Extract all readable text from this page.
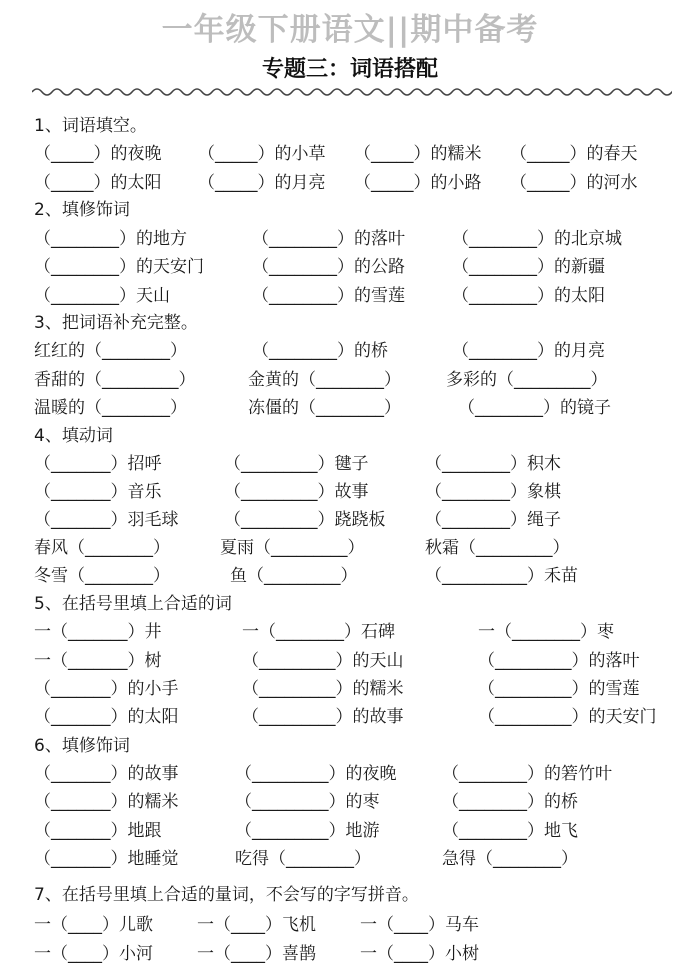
一年级下册语文||期中备考
专题三：词语搭配
1、词语填空。
（_____）的夜晚 （_____）的小草 （_____）的糯米 （_____）的春天
（_____）的太阳 （_____）的月亮 （_____）的小路 （_____）的河水
2、填修饰词
（________）的地方	（________）的落叶	（________）的北京城
（________）的天安门	（________）的公路	（________）的新疆
（________）天山	（________）的雪莲	（________）的太阳
3、把词语补充完整。
红红的（________）	（________）的桥	（________）的月亮
香甜的（_________）	金黄的（________）	多彩的（_________）
温暖的（________）	冻僵的（________）	（________）的镜子
4、填动词
（_______）招呼	（_________）毽子	（________）积木
（_______）音乐	（_________）故事	（________）象棋
（_______）羽毛球	（_________）跷跷板 （________）绳子
春风（________）	夏雨（_________）	秋霜（_________）
冬雪（________）	鱼（_________）	（__________）禾苗
5、在括号里填上合适的词
一（_______）井	一（________）石碑	一（________）枣
一（_______）树	（_________）的天山	（_________）的落叶
（_______）的小手	（_________）的糯米	（_________）的雪莲
（_______）的太阳	（_________）的故事	（_________）的天安门
6、填修饰词
（_______）的故事	（_________）的夜晚	（________）的箬竹叶
（_______）的糯米	（_________）的枣	（________）的桥
（_______）地跟	（_________）地游	（________）地飞
（_______）地睡觉	吃得（________）	急得（________）
7、在括号里填上合适的量词，不会写的字写拼音。
一（____）儿歌	一（____）飞机	一（____）马车
一（____）小河	一（____）喜鹊	一（____）小树
